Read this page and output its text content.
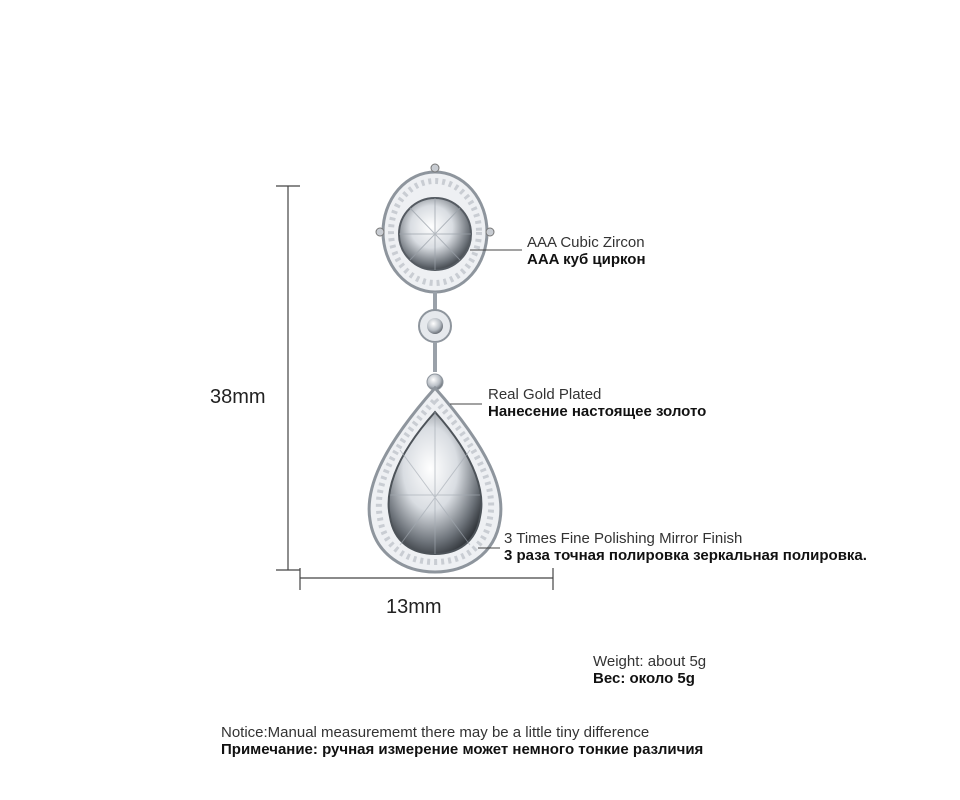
38mm
13mm
AAA Cubic Zircon
AAA куб циркон
Real Gold Plated
Нанесение настоящее золото
3 Times Fine Polishing Mirror Finish
3 раза точная полировка зеркальная полировка.
Weight: about 5g
Вес: около 5g
Notice:Manual measurememt there may be a little tiny difference
Примечание: ручная измерение может немного тонкие различия
